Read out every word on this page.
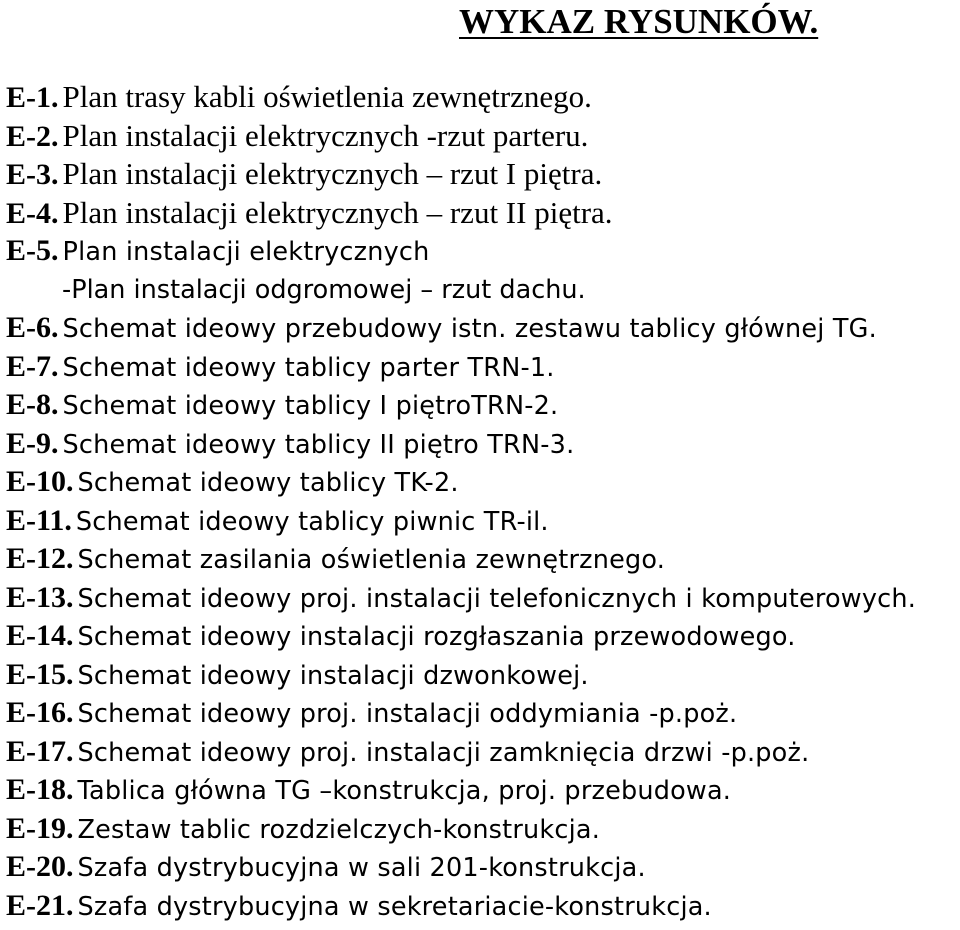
WYKAZ RYSUNKÓW.
E-1. Plan trasy kabli oświetlenia zewnętrznego.
E-2. Plan instalacji elektrycznych -rzut parteru.
E-3. Plan instalacji elektrycznych – rzut I piętra.
E-4. Plan instalacji elektrycznych – rzut II piętra.
E-5. Plan instalacji elektrycznych
-Plan instalacji odgromowej – rzut dachu.
E-6. Schemat ideowy przebudowy istn. zestawu tablicy głównej TG.
E-7. Schemat ideowy tablicy parter TRN-1.
E-8. Schemat ideowy tablicy I piętroTRN-2.
E-9. Schemat ideowy tablicy II piętro TRN-3.
E-10. Schemat ideowy tablicy TK-2.
E-11. Schemat ideowy tablicy piwnic TR-il.
E-12. Schemat zasilania oświetlenia zewnętrznego.
E-13. Schemat ideowy proj. instalacji telefonicznych i komputerowych.
E-14. Schemat ideowy instalacji rozgłaszania przewodowego.
E-15. Schemat ideowy instalacji dzwonkowej.
E-16. Schemat ideowy proj. instalacji oddymiania -p.poż.
E-17. Schemat ideowy proj. instalacji zamknięcia drzwi -p.poż.
E-18. Tablica główna TG –konstrukcja, proj. przebudowa.
E-19. Zestaw tablic rozdzielczych-konstrukcja.
E-20. Szafa dystrybucyjna w sali 201-konstrukcja.
E-21. Szafa dystrybucyjna w sekretariacie-konstrukcja.
